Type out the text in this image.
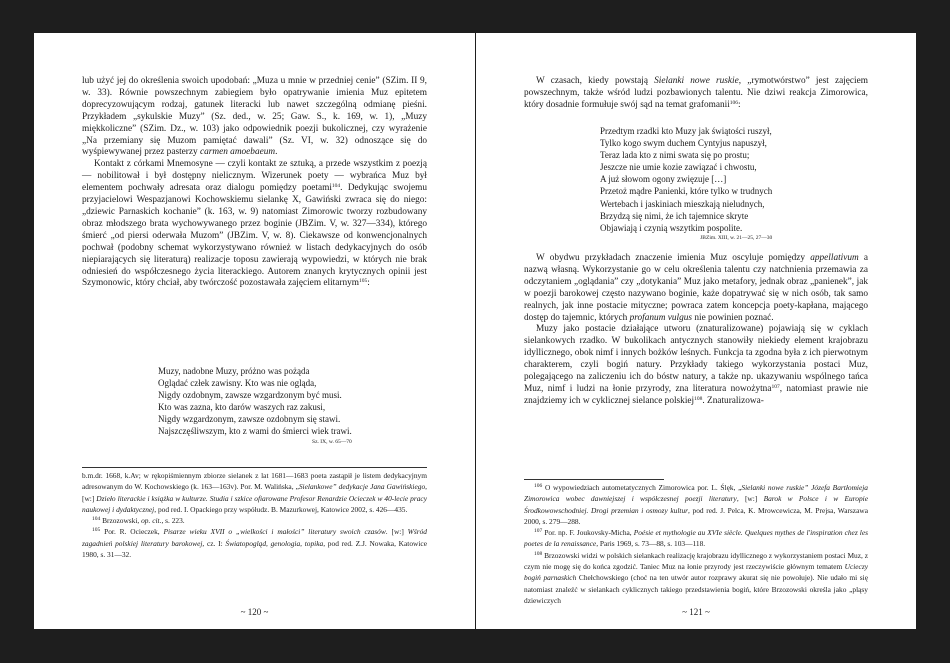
lub użyć jej do określenia swoich upodobań: „Muza u mnie w przedniej cenie” (SZim. II 9, w. 33). Równie powszechnym zabiegiem było opatrywanie imienia Muz epitetem doprecyzowującym rodzaj, gatunek literacki lub nawet szczególną odmianę pieśni. Przykładem „sykulskie Muzy” (Sz. ded., w. 25; Gaw. S., k. 169, w. 1), „Muzy miękkoliczne” (SZim. Dz., w. 103) jako odpowiednik poezji bukolicznej, czy wyrażenie „Na przemiany się Muzom pamiętać dawali” (Sz. VI, w. 32) odnoszące się do wyśpiewywanej przez pasterzy carmen amoebaeum.

Kontakt z córkami Mnemosyne — czyli kontakt ze sztuką, a przede wszystkim z poezją — nobilitował i był dostępny nielicznym. Wizerunek poety — wybrańca Muz był elementem pochwały adresata oraz dialogu pomiędzy poetami$^{104}$. Dedykując swojemu przyjacielowi Wespazjanowi Kochowskiemu sielankę X, Gawiński zwraca się do niego: „dziewic Parnaskich kochanie” (k. 163, w. 9) natomiast Zimorowic tworzy rozbudowany obraz młodszego brata wychowywanego przez boginie (JBZim. V, w. 327—334), którego śmierć „od piersi oderwała Muzom” (JBZim. V, w. 8). Ciekawsze od konwencjonalnych pochwał (podobny schemat wykorzystywano również w listach dedykacyjnych do osób niepiarających się literaturą) realizacje toposu zawierają wypowiedzi, w których nie brak odniesień do współczesnego życia literackiego. Autorem znanych krytycznych opinii jest Szymonowic, który chciał, aby twórczość pozostawała zajęciem elitarnym$^{105}$:

Muzy, nadobne Muzy, próżno was pożąda
Oglądać człek zawisny. Kto was nie ogląda,
Nigdy ozdobnym, zawsze wzgardzonym być musi.
Kto was zazna, kto darów waszych raz zakusi,
Nigdy wzgardzonym, zawsze ozdobnym się stawi.
Najszczęśliwszym, kto z wami do śmierci wiek trawi.
Sz. IX, w. 65—70

b.m.dr. 1668, k.Av; w rękopiśmiennym zbiorze sielanek z lat 1681—1683 poeta zastąpił je listem dedykacyjnym adresowanym do W. Kochowskiego (k. 163—163v). Por. M. Walińska, „Sielankowe” dedykacje Jana Gawińskiego, [w:] Dzieło literackie i książka w kulturze. Studia i szkice ofiarowane Profesor Renardzie Ocieczek w 40-lecie pracy naukowej i dydaktycznej, pod red. I. Opackiego przy współudz. B. Mazurkowej, Katowice 2002, s. 426—435.

$^{104}$ Brzozowski, op. cit., s. 223.

$^{105}$ Por. R. Ocieczek, Pisarze wieku XVII o „wielkości i małości” literatury swoich czasów. [w:] Wśród zagadnień polskiej literatury barokowej, cz. I: Światopogląd, genologia, topika, pod red. Z.J. Nowaka, Katowice 1980, s. 31—32.

~ 120 ~

W czasach, kiedy powstają Sielanki nowe ruskie, „rymotwórstwo” jest zajęciem powszechnym, także wśród ludzi pozbawionych talentu. Nie dziwi reakcja Zimorowica, który dosadnie formułuje swój sąd na temat grafomanii$^{106}$:

Przedtym rzadki kto Muzy jak świątości ruszył,
Tylko kogo swym duchem Cyntyjus napuszył,
Teraz lada kto z nimi swata się po prostu;
Jeszcze nie umie kozie zawiązać i chwostu,
A już słowom ogony zwięzuje […]
Przetoż mądre Panienki, które tylko w trudnych
Wertebach i jaskiniach mieszkają nieludnych,
Brzydzą się nimi, że ich tajemnice skryte
Objawiają i czynią wszytkim pospolite.
JBZim. XIII, w. 21—25, 27—30

W obydwu przykładach znaczenie imienia Muz oscyluje pomiędzy appellativum a nazwą własną. Wykorzystanie go w celu określenia talentu czy natchnienia przemawia za odczytaniem „oglądania” czy „dotykania” Muz jako metafory, jednak obraz „panienek”, jak w poezji barokowej często nazywano boginie, każe dopatrywać się w nich osób, tak samo realnych, jak inne postacie mityczne; powraca zatem koncepcja poety-kapłana, mającego dostęp do tajemnic, których profanum vulgus nie powinien poznać.

Muzy jako postacie działające utworu (znaturalizowane) pojawiają się w cyklach sielankowych rzadko. W bukolikach antycznych stanowiły niekiedy element krajobrazu idyllicznego, obok nimf i innych bożków leśnych. Funkcja ta zgodna była z ich pierwotnym charakterem, czyli bogiń natury. Przykłady takiego wykorzystania postaci Muz, polegającego na zaliczeniu ich do bóstw natury, a także np. ukazywaniu wspólnego tańca Muz, nimf i ludzi na łonie przyrody, zna literatura nowożytna$^{107}$, natomiast prawie nie znajdziemy ich w cyklicznej sielance polskiej$^{108}$. Znaturalizowa-

$^{106}$ O wypowiedziach autometatycznych Zimorowica por. L. Ślęk, „Sielanki nowe ruskie” Józefa Bartłomieja Zimorowica wobec dawniejszej i współczesnej poezji literatury, [w:] Barok w Polsce i w Europie Środkowowschodniej. Drogi przemian i osmozy kultur, pod red. J. Pelca, K. Mrowcewicza, M. Prejsa, Warszawa 2000, s. 279—288.

$^{107}$ Por. np. F. Joukovsky-Micha, Poésie et mythologie au XVIe siècle. Quelques mythes de l'inspiration chez les poetes de la renaissance, Paris 1969, s. 73—88, s. 103—118.

$^{108}$ Brzozowski widzi w polskich sielankach realizację krajobrazu idyllicznego z wykorzystaniem postaci Muz, z czym nie mogę się do końca zgodzić. Taniec Muz na łonie przyrody jest rzeczywiście głównym tematem Ucieczy bogiń parnaskich Chełchowskiego (choć na ten utwór autor rozprawy akurat się nie powołuje). Nie udało mi się natomiast znaleźć w sielankach cyklicznych takiego przedstawienia bogiń, które Brzozowski określa jako „pląsy dziewiczych

~ 121 ~
